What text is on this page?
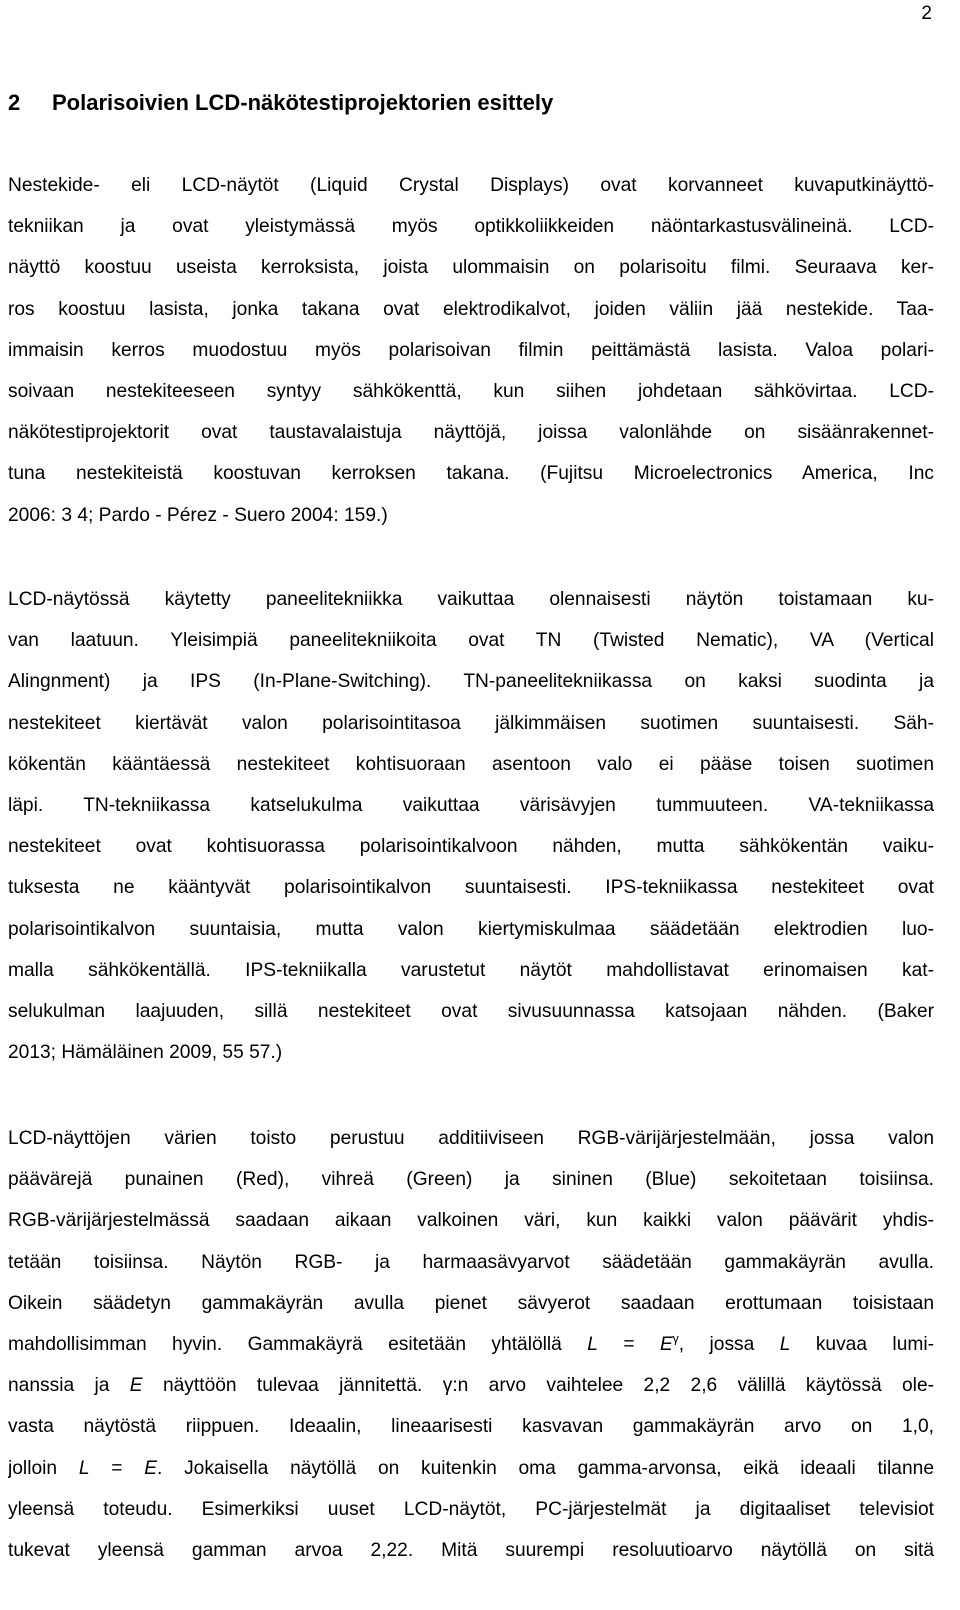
2
2 Polarisoivien LCD-näkötestiprojektorien esittely
Nestekide- eli LCD-näytöt (Liquid Crystal Displays) ovat korvanneet kuvaputkinäyttö-
tekniikan ja ovat yleistymässä myös optikkoliikkeiden näöntarkastusvälineinä. LCD-
näyttö koostuu useista kerroksista, joista ulommaisin on polarisoitu filmi. Seuraava ker-
ros koostuu lasista, jonka takana ovat elektrodikalvot, joiden väliin jää nestekide. Taa-
immaisin kerros muodostuu myös polarisoivan filmin peittämästä lasista. Valoa polari-
soivaan nestekiteeseen syntyy sähkökenttä, kun siihen johdetaan sähkövirtaa. LCD-
näkötestiprojektorit ovat taustavalaistuja näyttöjä, joissa valonlähde on sisäänrakennet-
tuna nestekiteistä koostuvan kerroksen takana. (Fujitsu Microelectronics America, Inc
2006: 3 4; Pardo - Pérez - Suero 2004: 159.)
LCD-näytössä käytetty paneelitekniikka vaikuttaa olennaisesti näytön toistamaan ku-
van laatuun. Yleisimpiä paneelitekniikoita ovat TN (Twisted Nematic), VA (Vertical
Alingnment) ja IPS (In-Plane-Switching). TN-paneelitekniikassa on kaksi suodinta ja
nestekiteet kiertävät valon polarisointitasoa jälkimmäisen suotimen suuntaisesti. Säh-
kökentän kääntäessä nestekiteet kohtisuoraan asentoon valo ei pääse toisen suotimen
läpi. TN-tekniikassa katselukulma vaikuttaa värisävyjen tummuuteen. VA-tekniikassa
nestekiteet ovat kohtisuorassa polarisointikalvoon nähden, mutta sähkökentän vaiku-
tuksesta ne kääntyvät polarisointikalvon suuntaisesti. IPS-tekniikassa nestekiteet ovat
polarisointikalvon suuntaisia, mutta valon kiertymiskulmaa säädetään elektrodien luo-
malla sähkökentällä. IPS-tekniikalla varustetut näytöt mahdollistavat erinomaisen kat-
selukulman laajuuden, sillä nestekiteet ovat sivusuunnassa katsojaan nähden. (Baker
2013; Hämäläinen 2009, 55 57.)
LCD-näyttöjen värien toisto perustuu additiiviseen RGB-värijärjestelmään, jossa valon
päävärejä punainen (Red), vihreä (Green) ja sininen (Blue) sekoitetaan toisiinsa.
RGB-värijärjestelmässä saadaan aikaan valkoinen väri, kun kaikki valon päävärit yhdis-
tetään toisiinsa. Näytön RGB- ja harmaasävyarvot säädetään gammakäyrän avulla.
Oikein säädetyn gammakäyrän avulla pienet sävyerot saadaan erottumaan toisistaan
mahdollisimman hyvin. Gammakäyrä esitetään yhtälöllä $L = E^\gamma$, jossa L kuvaa lumi-
nanssia ja E näyttöön tulevaa jännitettä. γ:n arvo vaihtelee 2,2 2,6 välillä käytössä ole-
vasta näytöstä riippuen. Ideaalin, lineaarisesti kasvavan gammakäyrän arvo on 1,0,
jolloin L = E. Jokaisella näytöllä on kuitenkin oma gamma-arvonsa, eikä ideaali tilanne
yleensä toteudu. Esimerkiksi uuset LCD-näytöt, PC-järjestelmät ja digitaaliset televisiot
tukevat yleensä gamman arvoa 2,22. Mitä suurempi resoluutioarvo näytöllä on sitä
